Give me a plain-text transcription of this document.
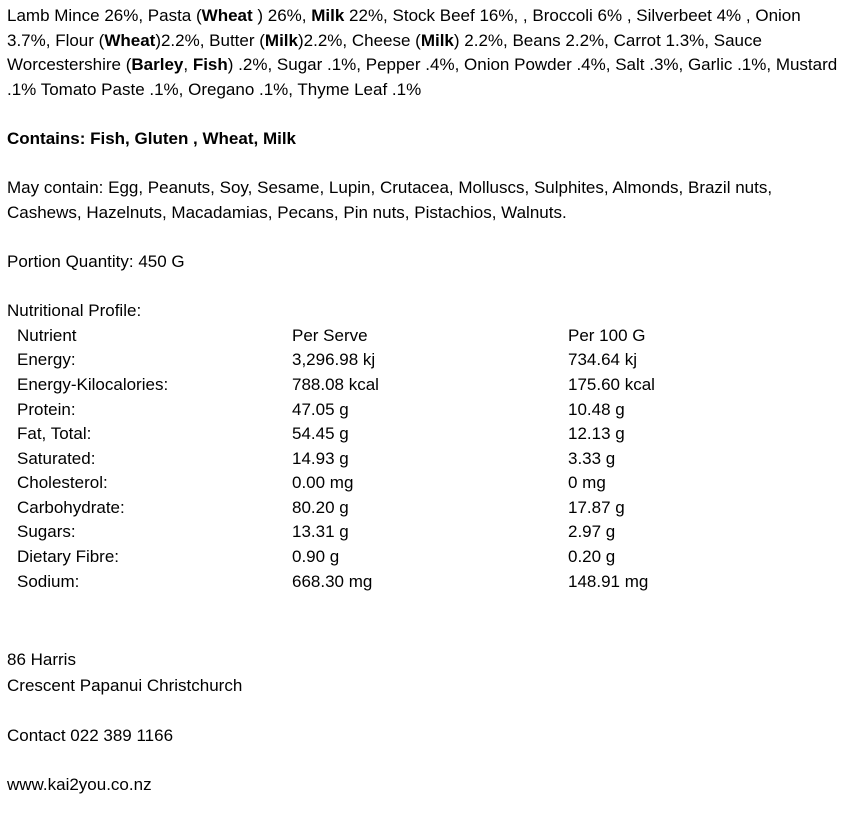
Lamb Mince 26%, Pasta (Wheat ) 26%, Milk 22%, Stock Beef 16%, , Broccoli 6% , Silverbeet 4% , Onion 3.7%, Flour (Wheat)2.2%, Butter (Milk)2.2%, Cheese (Milk) 2.2%, Beans 2.2%, Carrot 1.3%, Sauce Worcestershire (Barley, Fish) .2%, Sugar .1%, Pepper .4%, Onion Powder .4%, Salt .3%, Garlic .1%, Mustard .1% Tomato Paste .1%, Oregano .1%, Thyme Leaf .1%

Contains: Fish, Gluten , Wheat, Milk

May contain: Egg, Peanuts, Soy, Sesame, Lupin, Crutacea, Molluscs, Sulphites, Almonds, Brazil nuts, Cashews, Hazelnuts, Macadamias, Pecans, Pin nuts, Pistachios, Walnuts.

Portion Quantity: 450 G

Nutritional Profile:

Nutrient	Per Serve	Per 100 G
Energy:	3,296.98 kj	734.64 kj
Energy-Kilocalories:	788.08 kcal	175.60 kcal
Protein:	47.05 g	10.48 g
Fat, Total:	54.45 g	12.13 g
Saturated:	14.93 g	3.33 g
Cholesterol:	0.00 mg	0 mg
Carbohydrate:	80.20 g	17.87 g
Sugars:	13.31 g	2.97 g
Dietary Fibre:	0.90 g	0.20 g
Sodium:	668.30 mg	148.91 mg

86 Harris

Crescent Papanui Christchurch

Contact 022 389 1166

www.kai2you.co.nz
